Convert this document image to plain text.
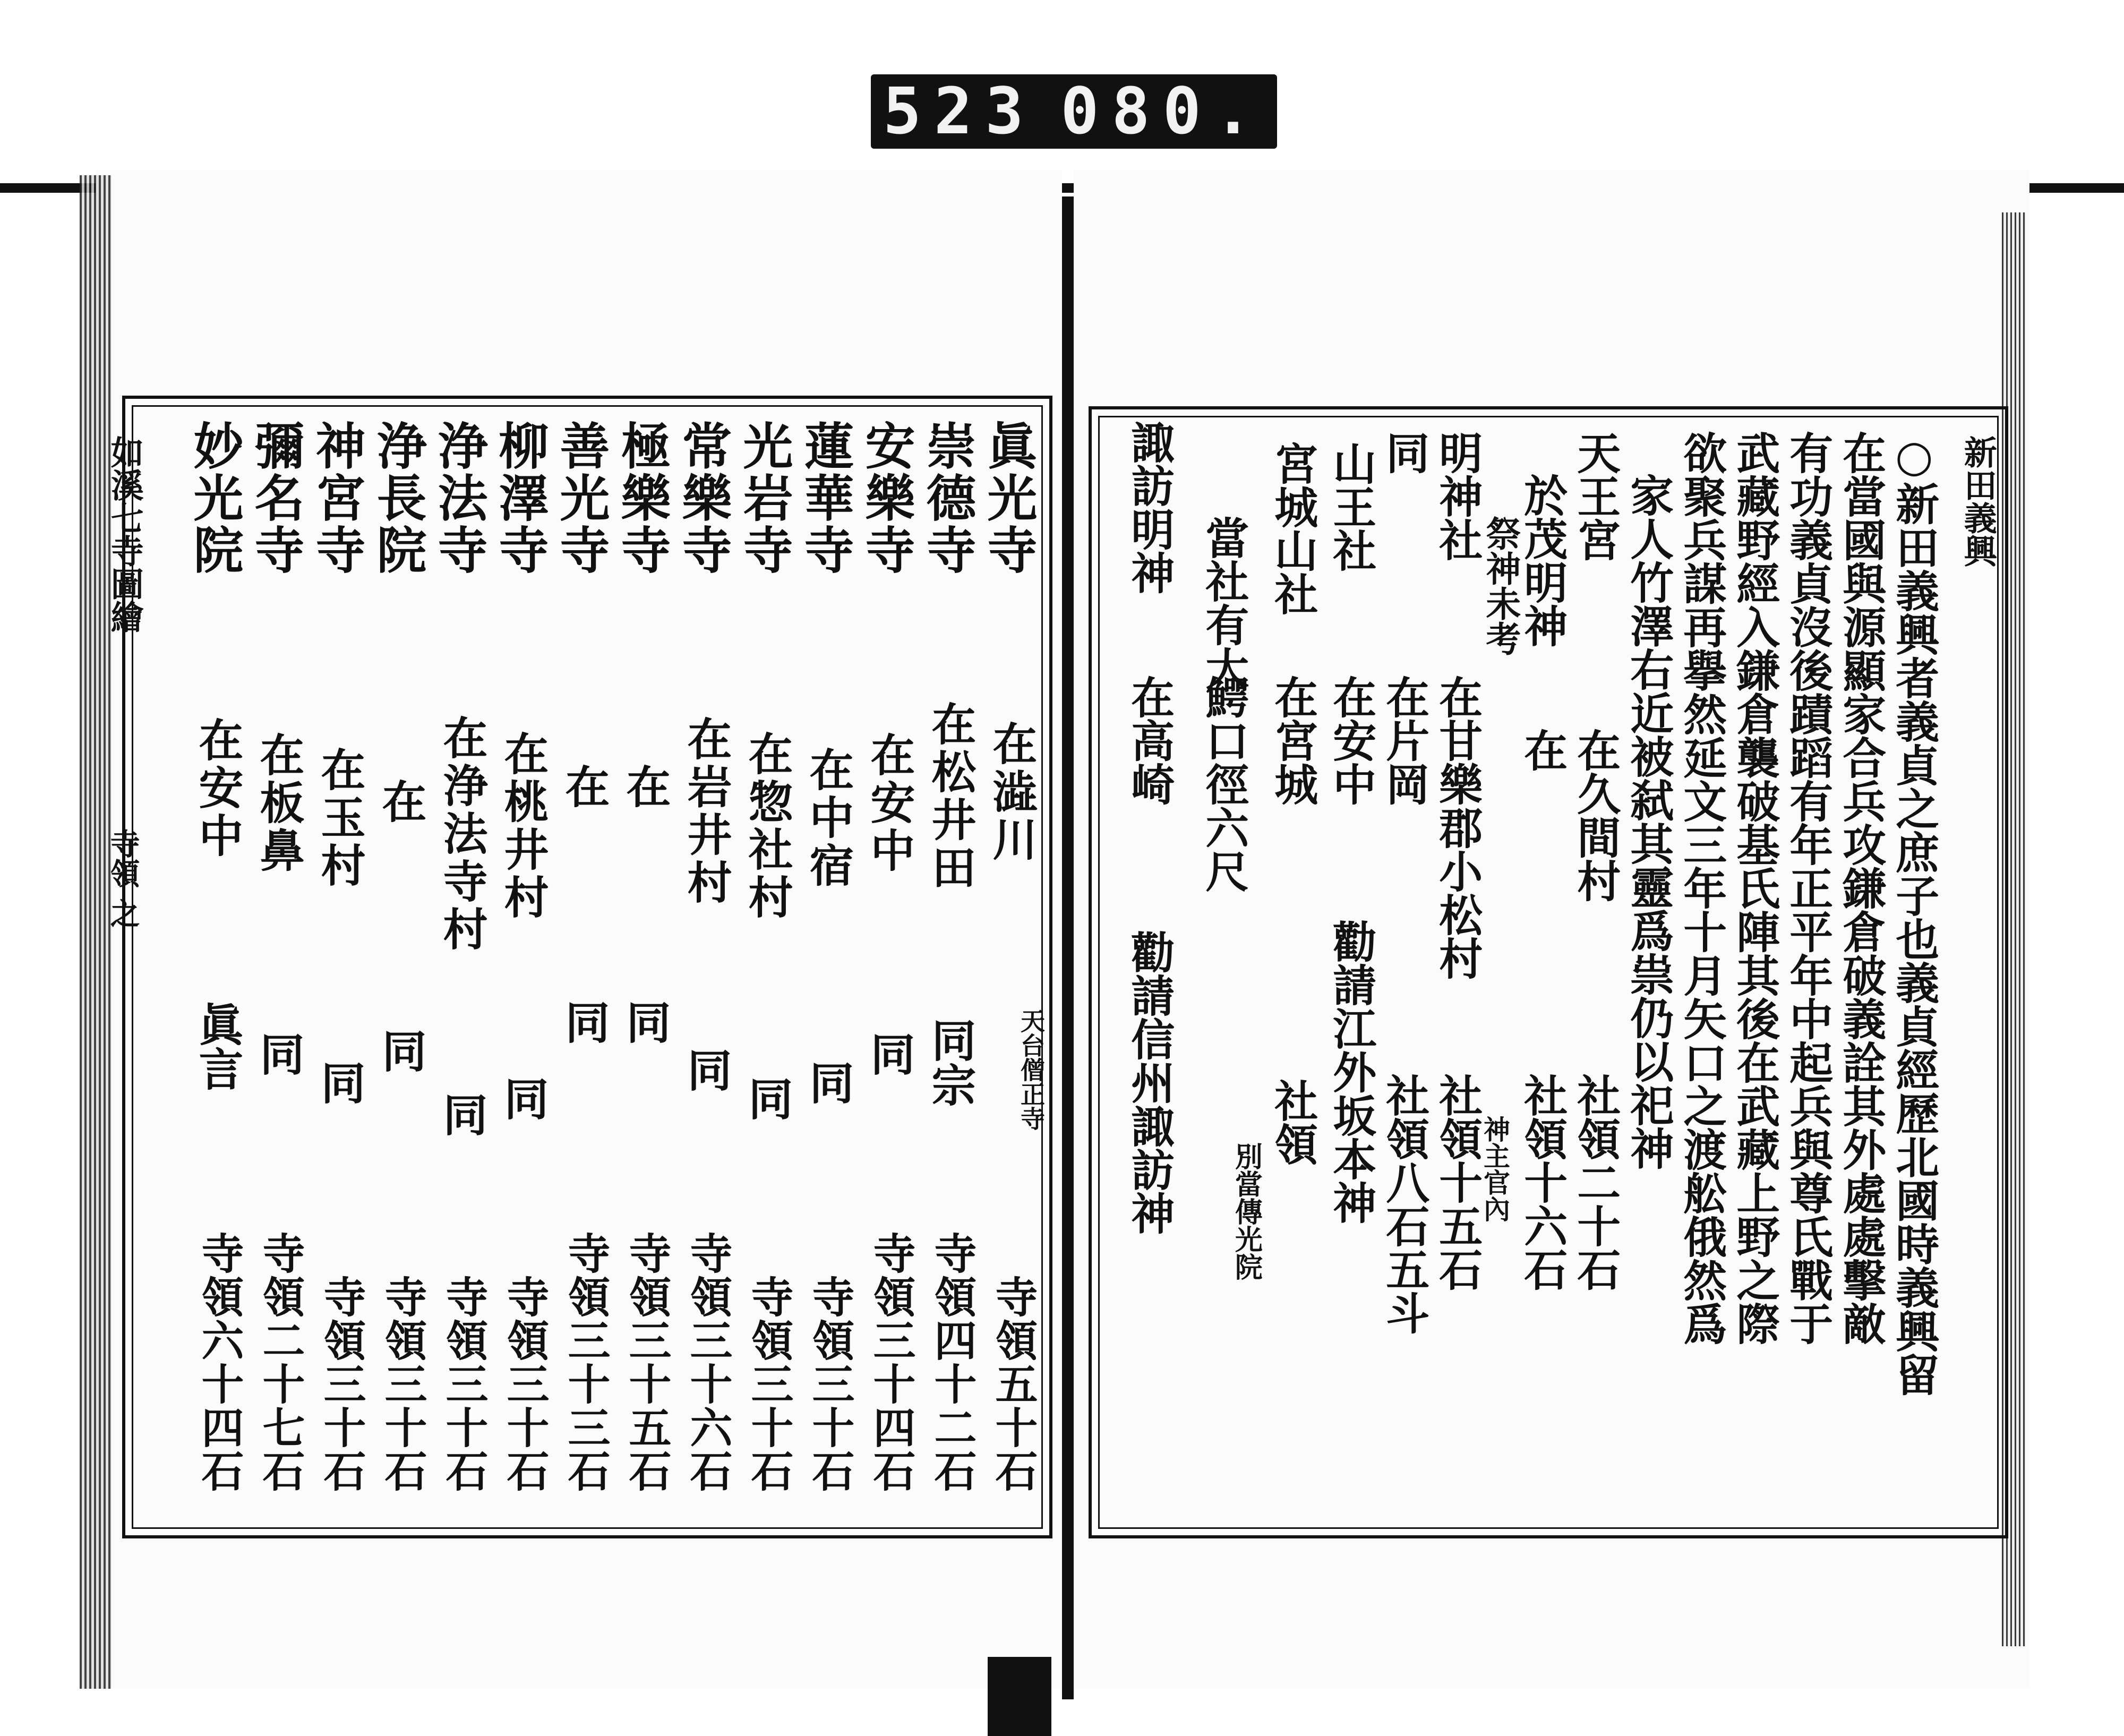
523 080.
如溪七寺圖繪
寺領 之
眞光寺
在澁川
天台僧正寺
寺領五十石
崇德寺
在松井田
同宗
寺領四十二石
安樂寺
在安中
同
寺領三十四石
蓮華寺
在中宿
同
寺領三十石
光岩寺
在惣社村
同
寺領三十石
常樂寺
在岩井村
同
寺領三十六石
極樂寺
在
同
寺領三十五石
善光寺
在
同
寺領三十三石
柳澤寺
在桃井村
同
寺領三十石
浄法寺
在浄法寺村
同
寺領三十石
浄長院
在
同
寺領三十石
神宮寺
在玉村
同
寺領三十石
彌名寺
在板鼻
同
寺領二十七石
妙光院
在安中
眞言
寺領六十四石
新田義興
○新田義興者義貞之庶子也義貞經歷北國時義興留
在當國與源顯家合兵攻鎌倉破義詮其外處處擊敵
有功義貞沒後蹟蹈有年正平年中起兵與尊氏戰于
武藏野經入鎌倉襲破基氏陣其後在武藏上野之際
欲聚兵謀再擧然延文三年十月矢口之渡舩俄然爲
家人竹澤右近被弑其靈爲祟仍以祀神
天王宮
在久間村
社領二十石
於茂明神
在
社領十六石
祭神未考
神主官內
明神社
在甘樂郡小松村
社領十五石
同
在片岡
社領八石五斗
山王社
在安中
勸請江外坂本神
宮城山社
在宮城
社領
別當傳光院
當社有大
鰐口徑六尺
諏訪明神
在高崎
勸請信州諏訪神
